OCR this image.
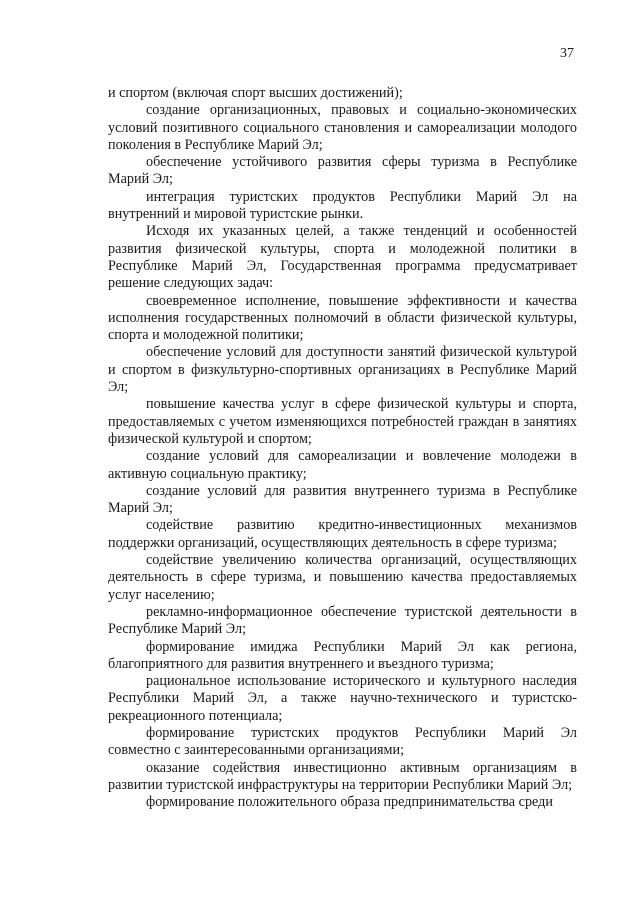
37

и спортом (включая спорт высших достижений);

создание организационных, правовых и социально-экономических условий позитивного социального становления и самореализации молодого поколения в Республике Марий Эл;

обеспечение устойчивого развития сферы туризма в Республике Марий Эл;

интеграция туристских продуктов Республики Марий Эл на внутренний и мировой туристские рынки.

Исходя их указанных целей, а также тенденций и особенностей развития физической культуры, спорта и молодежной политики в Республике Марий Эл, Государственная программа предусматривает решение следующих задач:

своевременное исполнение, повышение эффективности и качества исполнения государственных полномочий в области физической культуры, спорта и молодежной политики;

обеспечение условий для доступности занятий физической культурой и спортом в физкультурно-спортивных организациях в Республике Марий Эл;

повышение качества услуг в сфере физической культуры и спорта, предоставляемых с учетом изменяющихся потребностей граждан в занятиях физической культурой и спортом;

создание условий для самореализации и вовлечение молодежи в активную социальную практику;

создание условий для развития внутреннего туризма в Республике Марий Эл;

содействие развитию кредитно-инвестиционных механизмов поддержки организаций, осуществляющих деятельность в сфере туризма;

содействие увеличению количества организаций, осуществляющих деятельность в сфере туризма, и повышению качества предоставляемых услуг населению;

рекламно-информационное обеспечение туристской деятельности в Республике Марий Эл;

формирование имиджа Республики Марий Эл как региона, благоприятного для развития внутреннего и въездного туризма;

рациональное использование исторического и культурного наследия Республики Марий Эл, а также научно-технического и туристско-рекреационного потенциала;

формирование туристских продуктов Республики Марий Эл совместно с заинтересованными организациями;

оказание содействия инвестиционно активным организациям в развитии туристской инфраструктуры на территории Республики Марий Эл;

формирование положительного образа предпринимательства среди
